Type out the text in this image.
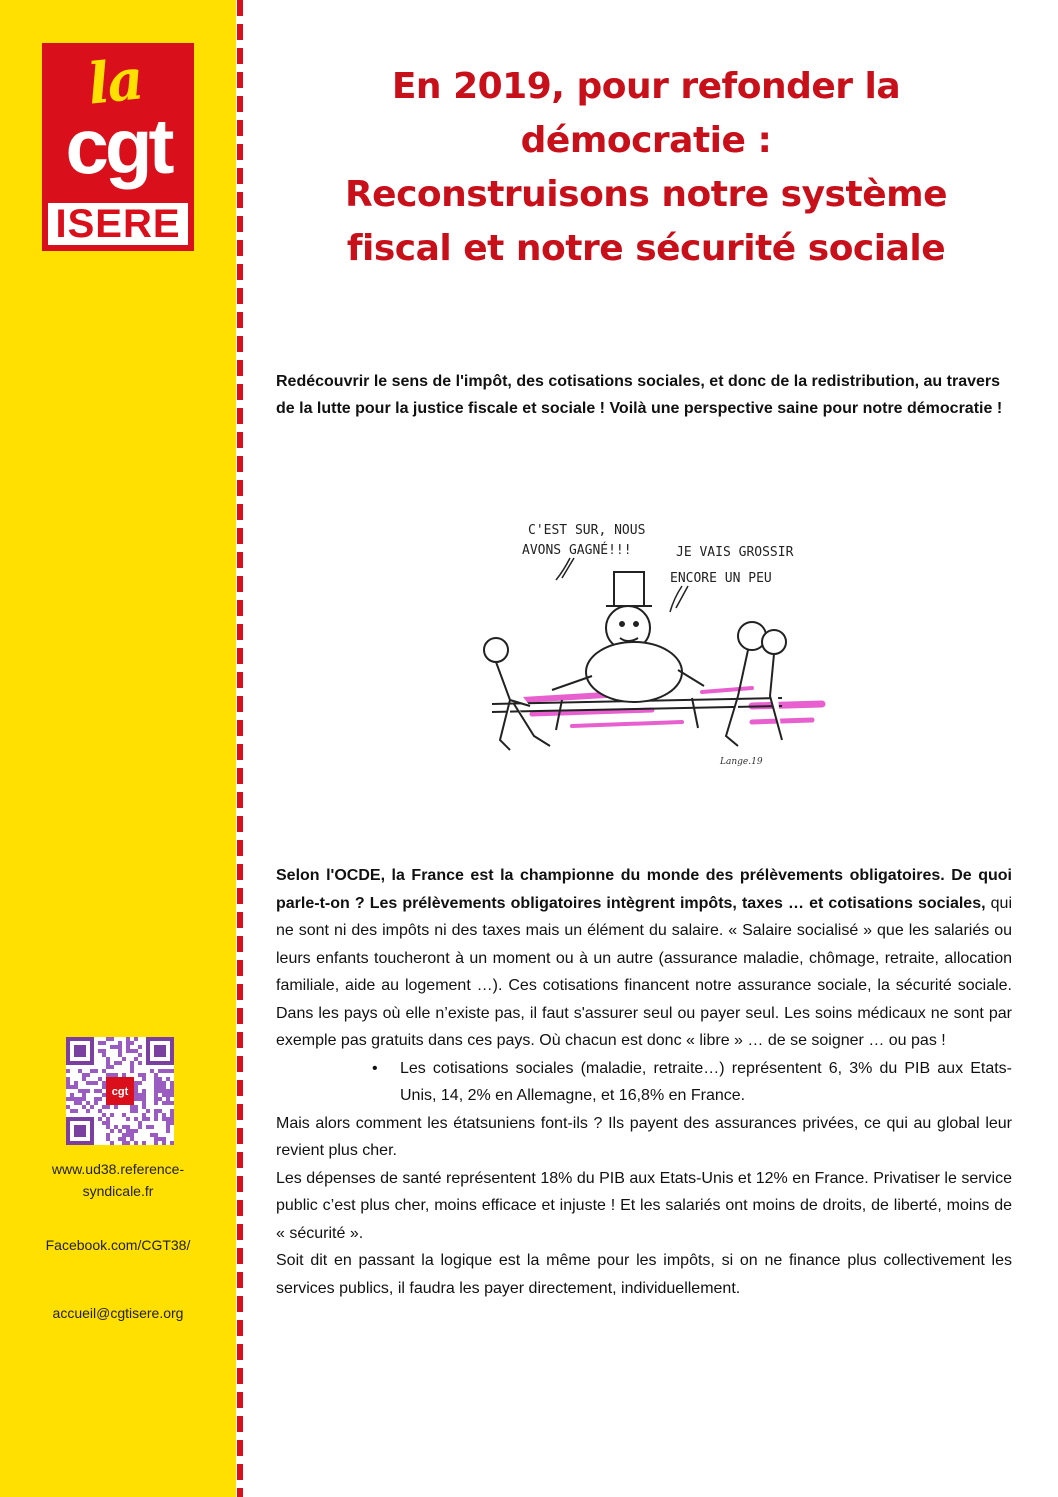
la
cgt
ISERE
cgt
www.ud38.reference-
syndicale.fr
Facebook.com/CGT38/
accueil@cgtisere.org
En 2019, pour refonder la
démocratie :
Reconstruisons notre système
fiscal et notre sécurité sociale

Redécouvrir le sens de l'impôt, des cotisations sociales, et donc de la redistribution, au travers de la lutte pour la justice fiscale et sociale ! Voilà une perspective saine pour notre démocratie !

C'EST SUR, NOUS
AVONS GAGNÉ!!!	JE VAIS GROSSIR
ENCORE UN PEU
Lange.19

Selon l'OCDE, la France est la championne du monde des prélèvements obligatoires. De quoi parle-t-on ? Les prélèvements obligatoires intègrent impôts, taxes … et cotisations sociales, qui ne sont ni des impôts ni des taxes mais un élément du salaire. « Salaire socialisé » que les salariés ou leurs enfants toucheront à un moment ou à un autre (assurance maladie, chômage, retraite, allocation familiale, aide au logement …). Ces cotisations financent notre assurance sociale, la sécurité sociale. Dans les pays où elle n’existe pas, il faut s'assurer seul ou payer seul. Les soins médicaux ne sont par exemple pas gratuits dans ces pays. Où chacun est donc « libre » … de se soigner … ou pas !

• Les cotisations sociales (maladie, retraite…) représentent 6, 3% du PIB aux Etats-Unis, 14, 2% en Allemagne, et 16,8% en France.

Mais alors comment les étatsuniens font-ils ? Ils payent des assurances privées, ce qui au global leur revient plus cher.

Les dépenses de santé représentent 18% du PIB aux Etats-Unis et 12% en France. Privatiser le service public c’est plus cher, moins efficace et injuste ! Et les salariés ont moins de droits, de liberté, moins de « sécurité ».

Soit dit en passant la logique est la même pour les impôts, si on ne finance plus collectivement les services publics, il faudra les payer directement, individuellement.
